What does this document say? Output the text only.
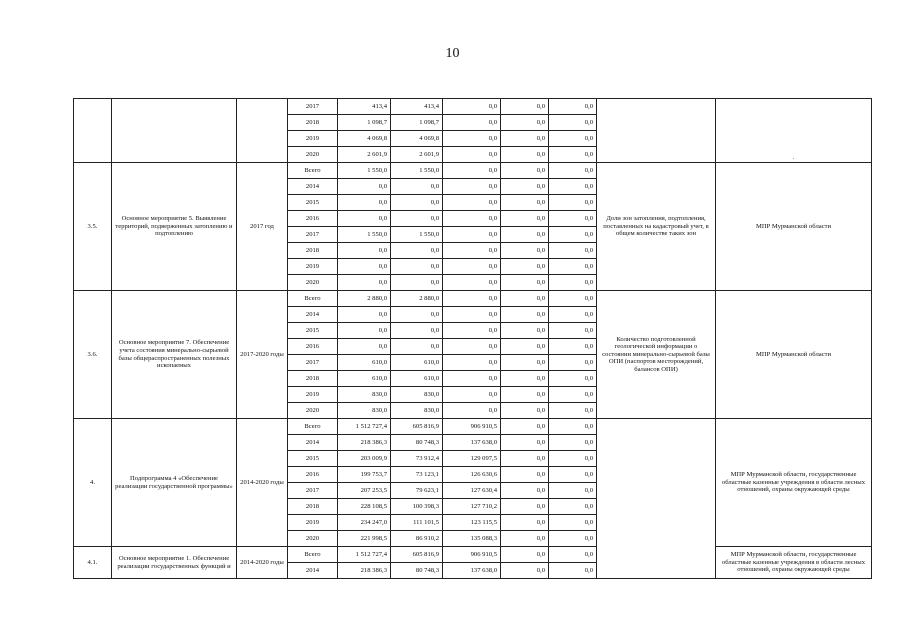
10
			2017	413,4	413,4	0,0	0,0	0,0		.
			2018	1 098,7	1 098,7	0,0	0,0	0,0		
			2019	4 069,8	4 069,8	0,0	0,0	0,0		
			2020	2 601,9	2 601,9	0,0	0,0	0,0		
3.5.	Основное мероприятие 5. Выявление территорий, подверженных затоплению и подтоплению	2017 год	Всего	1 550,0	1 550,0	0,0	0,0	0,0	Доли зон затопления, подтопления, поставленных на кадастровый учет, в общем количестве таких зон	МПР Мурманской области
			2014	0,0	0,0	0,0	0,0	0,0		
			2015	0,0	0,0	0,0	0,0	0,0		
			2016	0,0	0,0	0,0	0,0	0,0		
			2017	1 550,0	1 550,0	0,0	0,0	0,0		
			2018	0,0	0,0	0,0	0,0	0,0		
			2019	0,0	0,0	0,0	0,0	0,0		
			2020	0,0	0,0	0,0	0,0	0,0		
3.6.	Основное мероприятие 7. Обеспечение учета состояния минерально-сырьевой базы общераспространенных полезных ископаемых	2017-2020 годы	Всего	2 880,0	2 880,0	0,0	0,0	0,0	Количество подготовленной геологической информации о состоянии минерально-сырьевой базы ОПИ (паспортов месторождений, балансов ОПИ)	МПР Мурманской области
			2014	0,0	0,0	0,0	0,0	0,0		
			2015	0,0	0,0	0,0	0,0	0,0		
			2016	0,0	0,0	0,0	0,0	0,0		
			2017	610,0	610,0	0,0	0,0	0,0		
			2018	610,0	610,0	0,0	0,0	0,0		
			2019	830,0	830,0	0,0	0,0	0,0		
			2020	830,0	830,0	0,0	0,0	0,0		
4.	Подпрограмма 4 «Обеспечение реализации государственной программы»	2014-2020 годы	Всего	1 512 727,4	605 816,9	906 910,5	0,0	0,0		МПР Мурманской области, государственные областные казенные учреждения в области лесных отношений, охраны окружающей среды
			2014	218 386,3	80 748,3	137 638,0	0,0	0,0		
			2015	203 009,9	73 912,4	129 097,5	0,0	0,0		
			2016	199 753,7	73 123,1	126 630,6	0,0	0,0		
			2017	207 253,5	79 623,1	127 630,4	0,0	0,0		
			2018	228 108,5	100 398,3	127 710,2	0,0	0,0		
			2019	234 247,0	111 101,5	123 115,5	0,0	0,0		
			2020	221 998,5	86 910,2	135 088,3	0,0	0,0		
4.1.	Основное мероприятие 1. Обеспечение реализации государственных функций и	2014-2020 годы	Всего	1 512 727,4	605 816,9	906 910,5	0,0	0,0		МПР Мурманской области, государственные областные казенные учреждения в области лесных отношений, охраны окружающей среды
			2014	218 386,3	80 748,3	137 638,0	0,0	0,0		
